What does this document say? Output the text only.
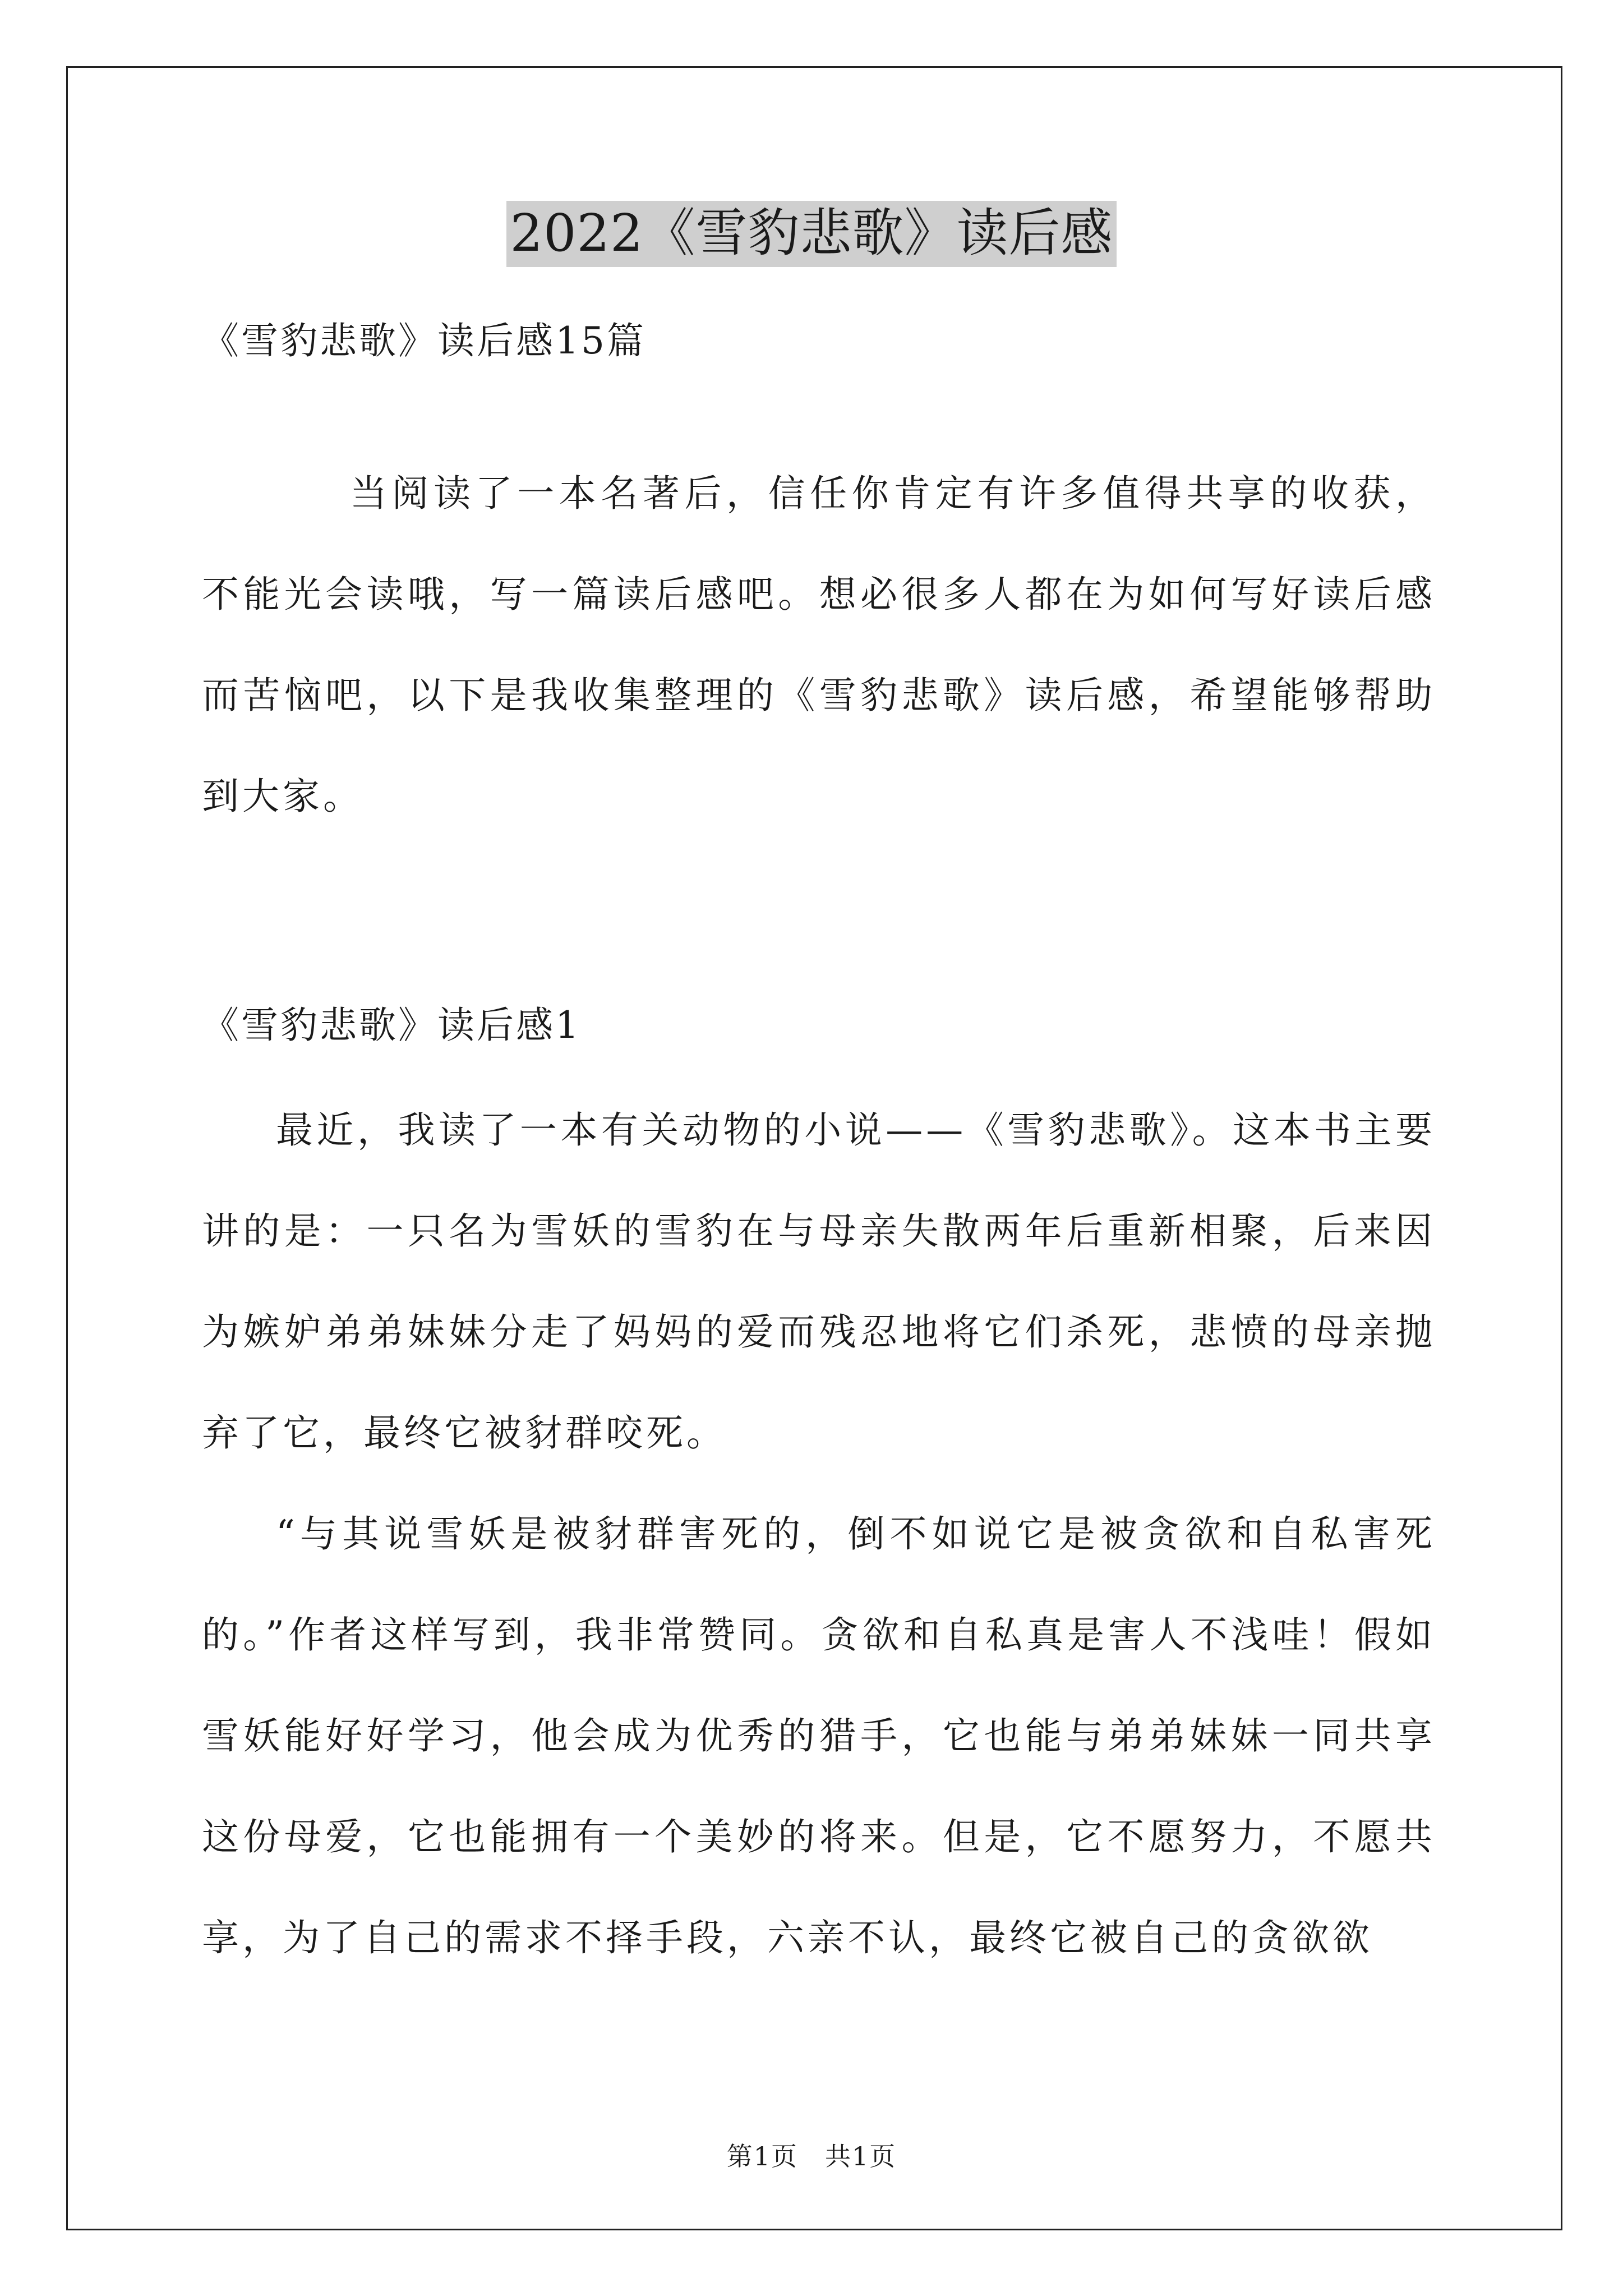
2022《雪豹悲歌》读后感
《雪豹悲歌》读后感15篇

当阅读了一本名著后，信任你肯定有许多值得共享的收获，不能光会读哦，写一篇读后感吧。想必很多人都在为如何写好读后感而苦恼吧，以下是我收集整理的《雪豹悲歌》读后感，希望能够帮助到大家。

《雪豹悲歌》读后感1

最近，我读了一本有关动物的小说——《雪豹悲歌》。这本书主要讲的是：一只名为雪妖的雪豹在与母亲失散两年后重新相聚，后来因为嫉妒弟弟妹妹分走了妈妈的爱而残忍地将它们杀死，悲愤的母亲抛弃了它，最终它被豺群咬死。

“与其说雪妖是被豺群害死的，倒不如说它是被贪欲和自私害死的。”作者这样写到，我非常赞同。贪欲和自私真是害人不浅哇！假如雪妖能好好学习，他会成为优秀的猎手，它也能与弟弟妹妹一同共享这份母爱，它也能拥有一个美妙的将来。但是，它不愿努力，不愿共享，为了自己的需求不择手段，六亲不认，最终它被自己的贪欲欲

第1页　共1页
